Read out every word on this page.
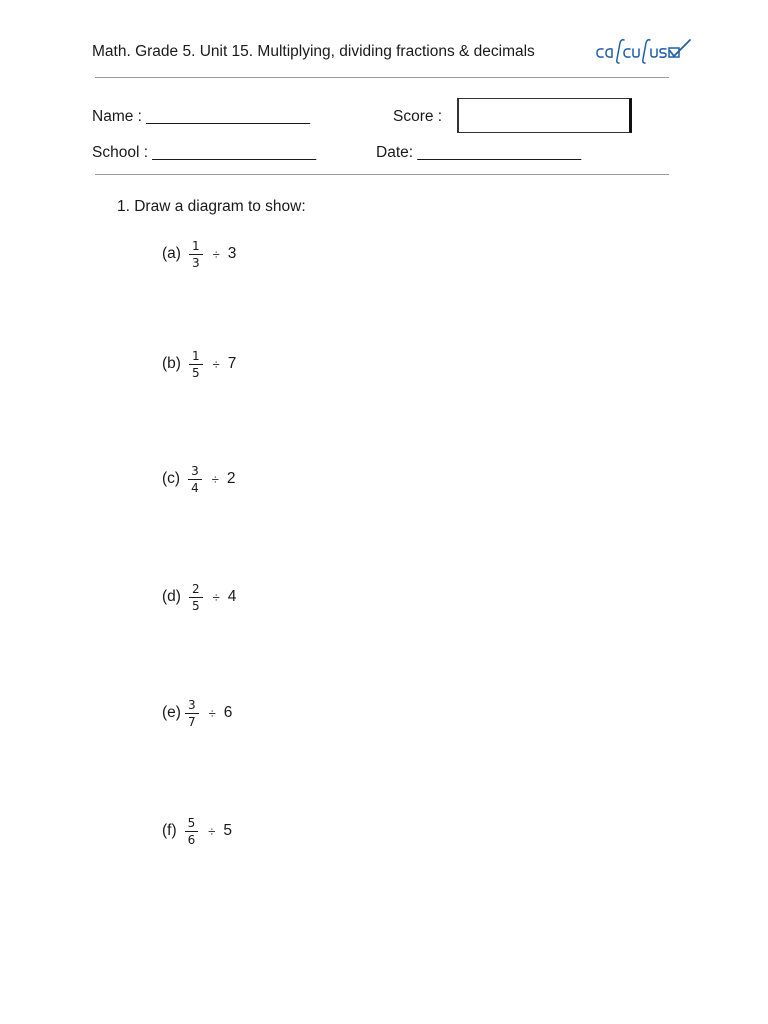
Math. Grade 5. Unit 15. Multiplying, dividing fractions & decimals
Name : ___________________	Score :
School : ___________________	Date: ___________________
1. Draw a diagram to show:
$(a) \frac{1}{3} \div 3$
$(b) \frac{1}{5} \div 7$
$(c) \frac{3}{4} \div 2$
$(d) \frac{2}{5} \div 4$
$(e) \frac{3}{7} \div 6$
$(f) \frac{5}{6} \div 5$
